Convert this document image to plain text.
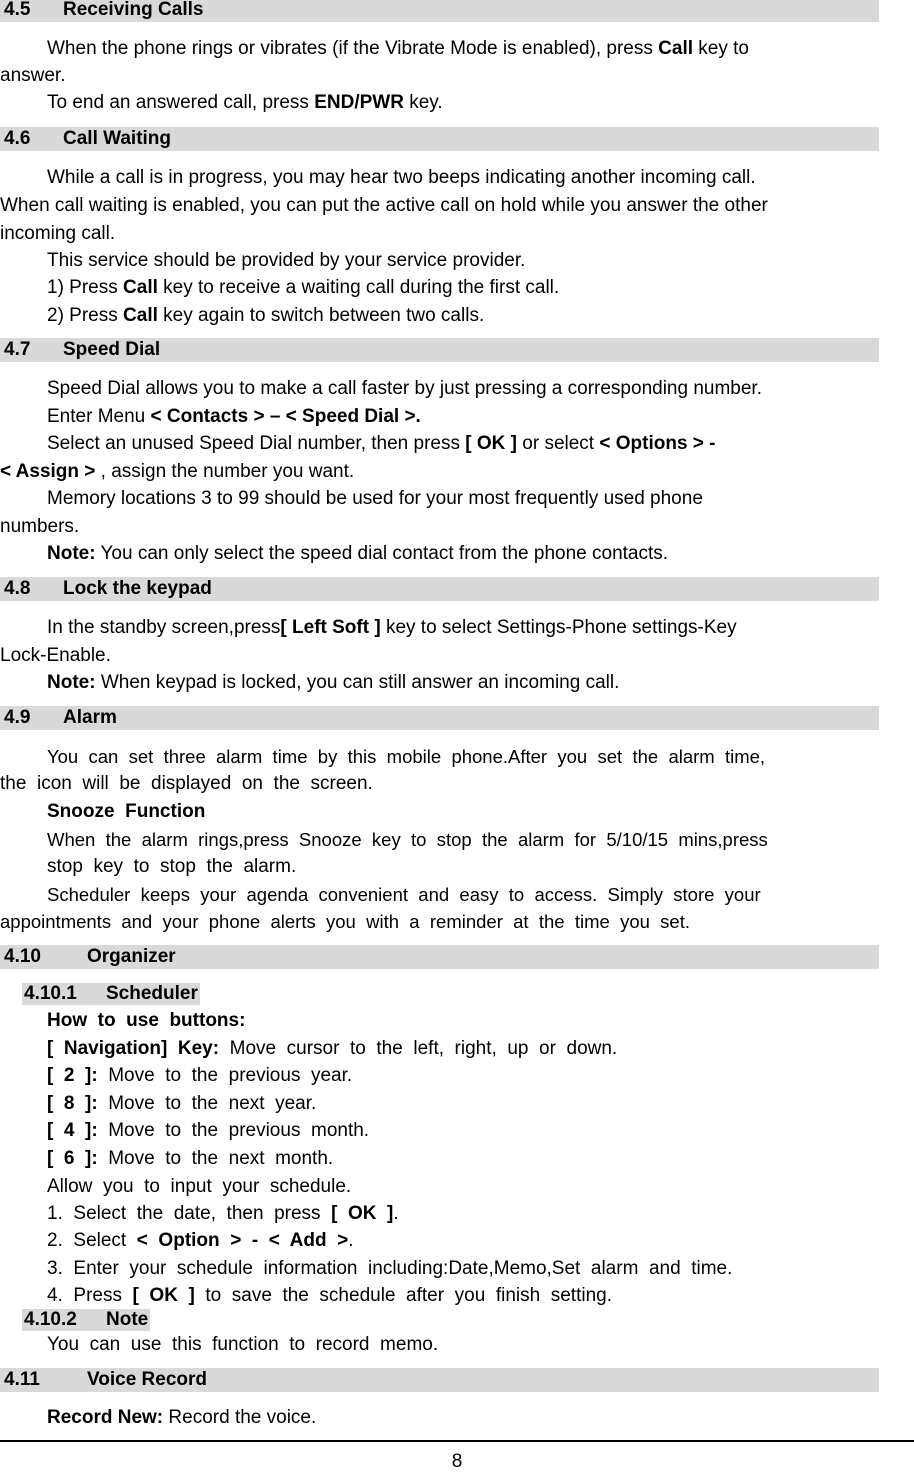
4.5 Receiving Calls
When the phone rings or vibrates (if the Vibrate Mode is enabled), press Call key to
answer.
To end an answered call, press END/PWR key.
4.6 Call Waiting
While a call is in progress, you may hear two beeps indicating another incoming call.
When call waiting is enabled, you can put the active call on hold while you answer the other
incoming call.
This service should be provided by your service provider.
1) Press Call key to receive a waiting call during the first call.
2) Press Call key again to switch between two calls.
4.7 Speed Dial
Speed Dial allows you to make a call faster by just pressing a corresponding number.
Enter Menu < Contacts > – < Speed Dial >.
Select an unused Speed Dial number, then press [ OK ] or select < Options > -
< Assign > , assign the number you want.
Memory locations 3 to 99 should be used for your most frequently used phone
numbers.
Note: You can only select the speed dial contact from the phone contacts.
4.8 Lock the keypad
In the standby screen,press[ Left Soft ] key to select Settings-Phone settings-Key
Lock-Enable.
Note: When keypad is locked, you can still answer an incoming call.
4.9 Alarm
You  can  set  three  alarm  time  by  this  mobile  phone.After  you  set  the  alarm  time,
the  icon  will  be  displayed  on  the  screen.
Snooze  Function
When  the  alarm  rings,press  Snooze  key  to  stop  the  alarm  for  5/10/15  mins,press
stop  key  to  stop  the  alarm.
Scheduler  keeps  your  agenda  convenient  and  easy  to  access.  Simply  store  your
appointments  and  your  phone  alerts  you  with  a  reminder  at  the  time  you  set.
4.10 Organizer
4.10.1 Scheduler
How  to  use  buttons:
[  Navigation]  Key:  Move  cursor  to  the  left,  right,  up  or  down.
[  2  ]:  Move  to  the  previous  year.
[  8  ]:  Move  to  the  next  year.
[  4  ]:  Move  to  the  previous  month.
[  6  ]:  Move  to  the  next  month.
Allow  you  to  input  your  schedule.
1.  Select  the  date,  then  press  [  OK  ].
2.  Select  <  Option  >  -  <  Add  >.
3.  Enter  your  schedule  information  including:Date,Memo,Set  alarm  and  time.
4.  Press  [  OK  ]  to  save  the  schedule  after  you  finish  setting.
4.10.2 Note
You  can  use  this  function  to  record  memo.
4.11 Voice Record
Record New: Record the voice.
8
